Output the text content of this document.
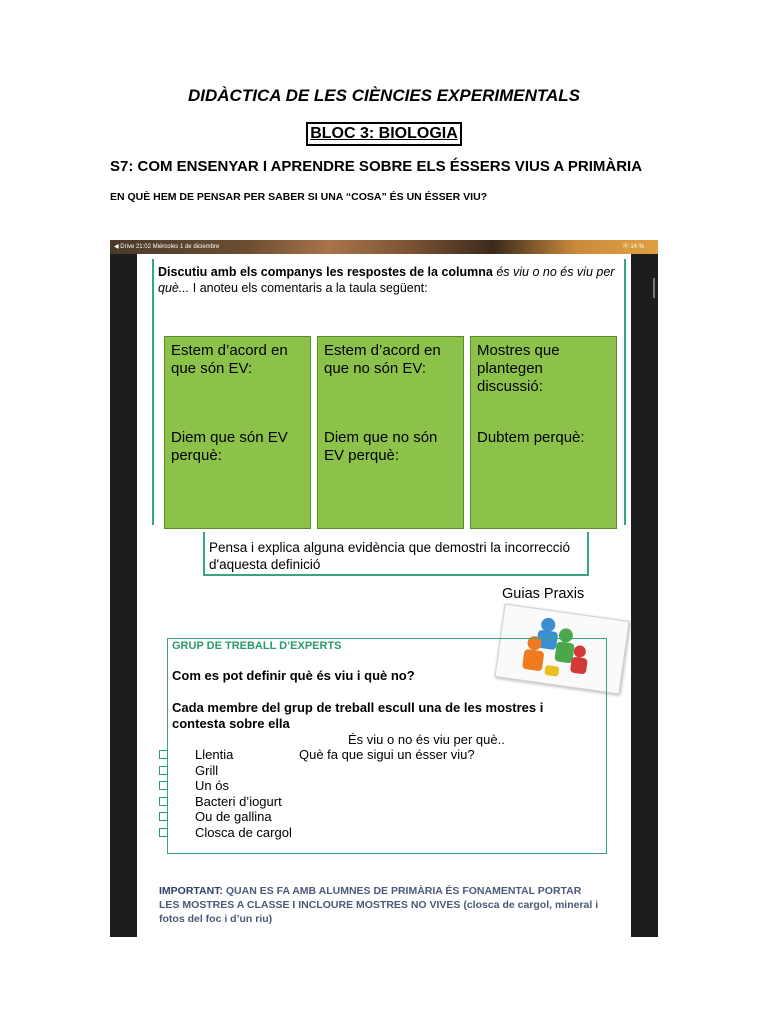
DIDÀCTICA DE LES CIÈNCIES EXPERIMENTALS
BLOC 3: BIOLOGIA
S7: COM ENSENYAR I APRENDRE SOBRE ELS ÉSSERS VIUS A PRIMÀRIA
EN QUÈ HEM DE PENSAR PER SABER SI UNA “COSA” ÉS UN ÉSSER VIU?
◀ Drive 21:02 Miércoles 1 de diciembre	⦿ 14 %
Discutiu amb els companys les respostes de la columna és viu o no és viu per què... I anoteu els comentaris a la taula següent:
Estem d’acord en que són EV:
Diem que són EV perquè:
Estem d’acord en que no són EV:
Diem que no són EV perquè:
Mostres que plantegen discussió:
Dubtem perquè:
Pensa i explica alguna evidència que demostri la incorrecció d'aquesta definició
Guias Praxis
GRUP DE TREBALL D’EXPERTS
Com es pot definir què és viu i què no?
Cada membre del grup de treball escull una de les mostres i contesta sobre ella
És viu o no és viu per què..
Què fa que sigui un ésser viu?
Llentia
Grill
Un ós
Bacteri d’iogurt
Ou de gallina
Closca de cargol
IMPORTANT: QUAN ES FA AMB ALUMNES DE PRIMÀRIA ÉS FONAMENTAL PORTAR LES MOSTRES A CLASSE I INCLOURE MOSTRES NO VIVES (closca de cargol, mineral i fotos del foc i d’un riu)
